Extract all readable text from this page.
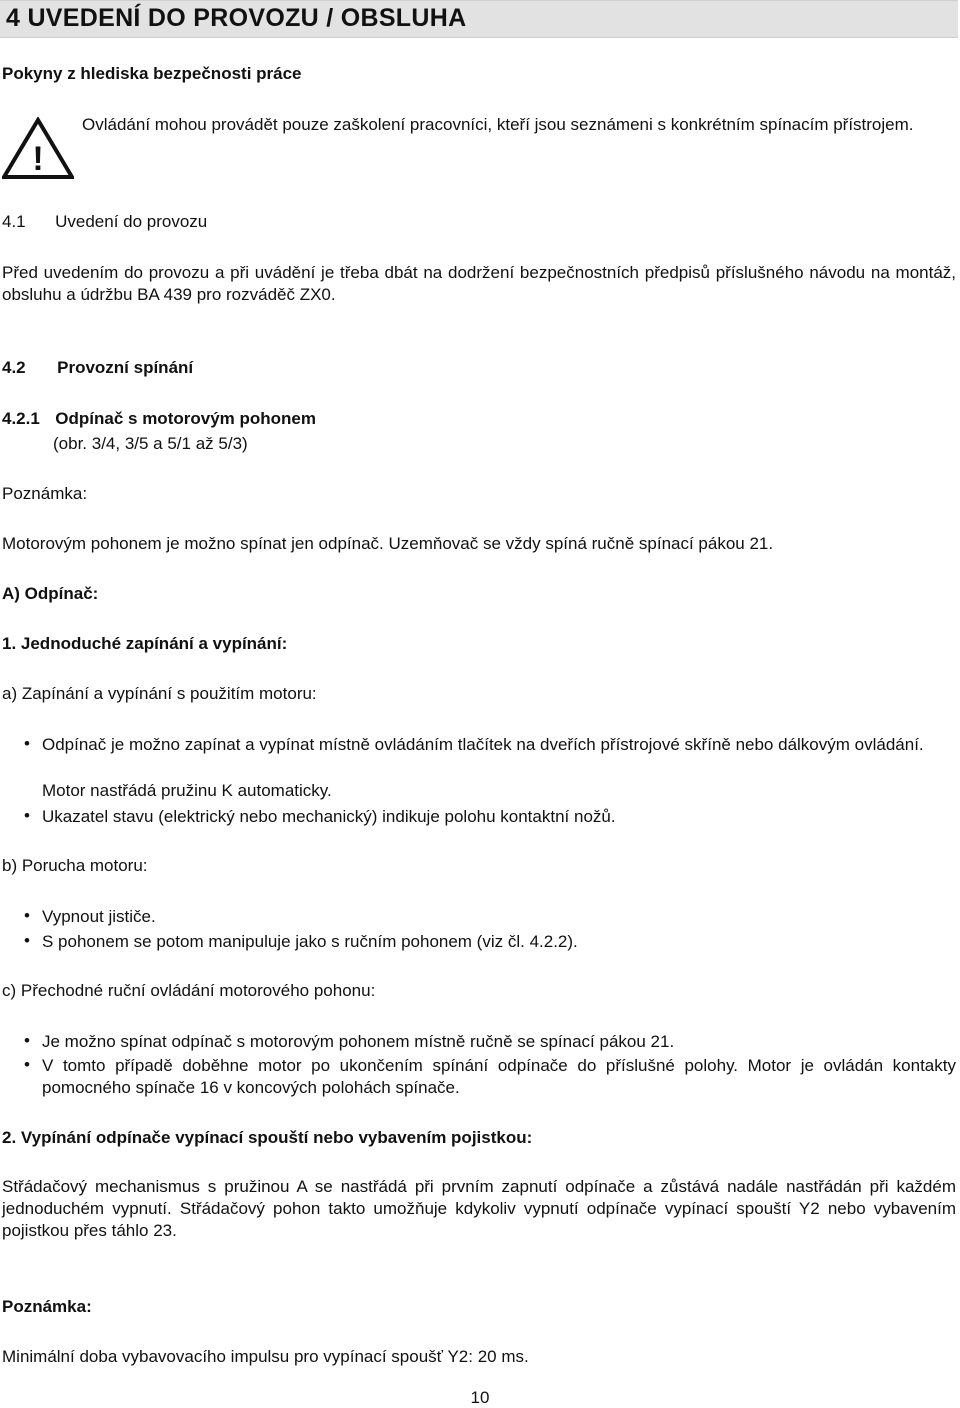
4 UVEDENÍ DO PROVOZU / OBSLUHA
Pokyny z hlediska bezpečnosti práce
!
Ovládání mohou provádět pouze zaškolení pracovníci, kteří jsou seznámeni s konkrétním spínacím přístrojem.
4.1 Uvedení do provozu
Před uvedením do provozu a při uvádění je třeba dbát na dodržení bezpečnostních předpisů příslušného návodu na montáž, obsluhu a údržbu BA 439 pro rozváděč ZX0.
4.2 Provozní spínání
4.2.1 Odpínač s motorovým pohonem
(obr. 3/4, 3/5 a 5/1 až 5/3)
Poznámka:
Motorovým pohonem je možno spínat jen odpínač. Uzemňovač se vždy spíná ručně spínací pákou 21.
A) Odpínač:
1. Jednoduché zapínání a vypínání:
a) Zapínání a vypínání s použitím motoru:
• Odpínač je možno zapínat a vypínat místně ovládáním tlačítek na dveřích přístrojové skříně nebo dálkovým ovládání.
Motor nastřádá pružinu K automaticky.
• Ukazatel stavu (elektrický nebo mechanický) indikuje polohu kontaktní nožů.
b) Porucha motoru:
• Vypnout jističe.
• S pohonem se potom manipuluje jako s ručním pohonem (viz čl. 4.2.2).
c) Přechodné ruční ovládání motorového pohonu:
• Je možno spínat odpínač s motorovým pohonem místně ručně se spínací pákou 21.
• V tomto případě doběhne motor po ukončením spínání odpínače do příslušné polohy. Motor je ovládán kontakty pomocného spínače 16 v koncových polohách spínače.
2. Vypínání odpínače vypínací spouští nebo vybavením pojistkou:
Střádačový mechanismus s pružinou A se nastřádá při prvním zapnutí odpínače a zůstává nadále nastřádán při každém jednoduchém vypnutí. Střádačový pohon takto umožňuje kdykoliv vypnutí odpínače vypínací spouští Y2 nebo vybavením pojistkou přes táhlo 23.
Poznámka:
Minimální doba vybavovacího impulsu pro vypínací spoušť Y2: 20 ms.
10
